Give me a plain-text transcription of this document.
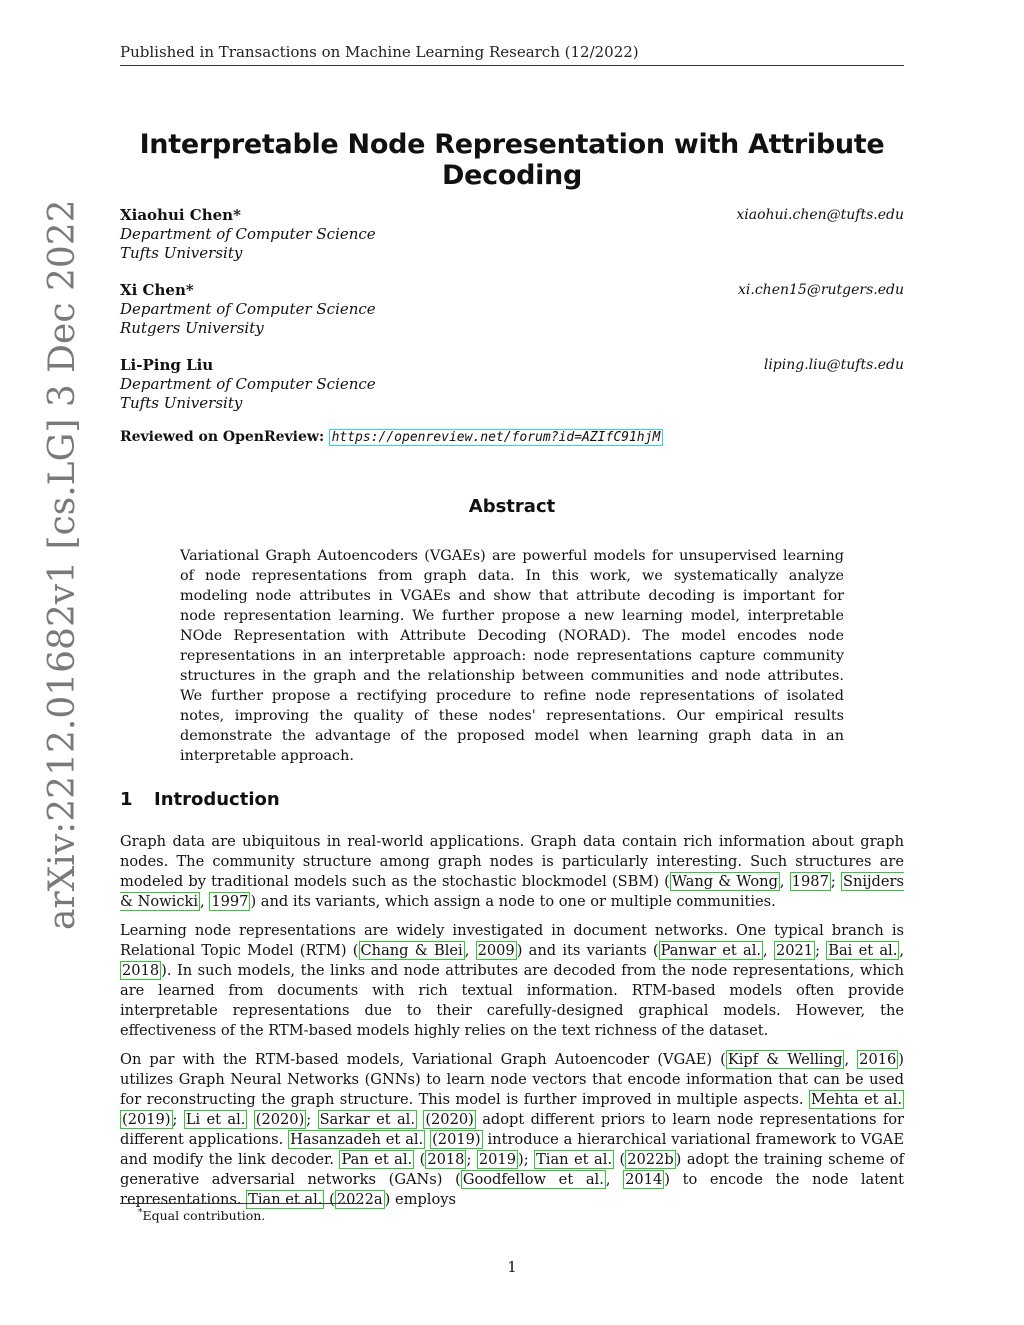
Published in Transactions on Machine Learning Research (12/2022)
arXiv:2212.01682v1 [cs.LG] 3 Dec 2022
Interpretable Node Representation with Attribute Decoding
Xiaohui Chen*
Department of Computer Science
Tufts University
xiaohui.chen@tufts.edu
Xi Chen*
Department of Computer Science
Rutgers University
xi.chen15@rutgers.edu
Li-Ping Liu
Department of Computer Science
Tufts University
liping.liu@tufts.edu
Reviewed on OpenReview: https://openreview.net/forum?id=AZIfC91hjM
Abstract
Variational Graph Autoencoders (VGAEs) are powerful models for unsupervised learning of node representations from graph data. In this work, we systematically analyze modeling node attributes in VGAEs and show that attribute decoding is important for node representation learning. We further propose a new learning model, interpretable NOde Representation with Attribute Decoding (NORAD). The model encodes node representations in an interpretable approach: node representations capture community structures in the graph and the relationship between communities and node attributes. We further propose a rectifying procedure to refine node representations of isolated notes, improving the quality of these nodes' representations. Our empirical results demonstrate the advantage of the proposed model when learning graph data in an interpretable approach.
1 Introduction

Graph data are ubiquitous in real-world applications. Graph data contain rich information about graph nodes. The community structure among graph nodes is particularly interesting. Such structures are modeled by traditional models such as the stochastic blockmodel (SBM) ( Wang & Wong , 1987 ; Snijders & Nowicki , 1997 ) and its variants, which assign a node to one or multiple communities.

Learning node representations are widely investigated in document networks. One typical branch is Relational Topic Model (RTM) ( Chang & Blei , 2009 ) and its variants ( Panwar et al. , 2021 ; Bai et al. , 2018 ). In such models, the links and node attributes are decoded from the node representations, which are learned from documents with rich textual information. RTM-based models often provide interpretable representations due to their carefully-designed graphical models. However, the effectiveness of the RTM-based models highly relies on the text richness of the dataset.

On par with the RTM-based models, Variational Graph Autoencoder (VGAE) ( Kipf & Welling , 2016 ) utilizes Graph Neural Networks (GNNs) to learn node vectors that encode information that can be used for reconstructing the graph structure. This model is further improved in multiple aspects. Mehta et al. (2019) ; Li et al. (2020) ; Sarkar et al. (2020) adopt different priors to learn node representations for different applications. Hasanzadeh et al. (2019) introduce a hierarchical variational framework to VGAE and modify the link decoder. Pan et al. ( 2018 ; 2019 ); Tian et al. ( 2022b ) adopt the training scheme of generative adversarial networks (GANs) ( Goodfellow et al. , 2014 ) to encode the node latent representations. Tian et al. ( 2022a ) employs

*Equal contribution.
1
